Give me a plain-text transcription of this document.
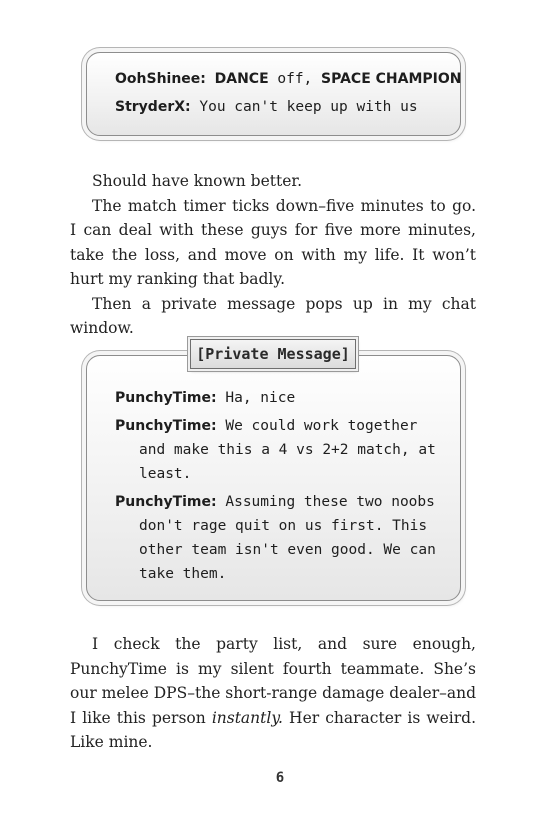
OohShinee: DANCE off, SPACE CHAMPION
StryderX: You can't keep up with us

Should have known better.

The match timer ticks down–five minutes to go. I can deal with these guys for five more minutes, take the loss, and move on with my life. It won’t hurt my ranking that badly.

Then a private message pops up in my chat window.

[Private Message]
PunchyTime: Ha, nice
PunchyTime: We could work together
and make this a 4 vs 2+2 match, at
least.
PunchyTime: Assuming these two noobs
don't rage quit on us first. This
other team isn't even good. We can
take them.

I check the party list, and sure enough, PunchyTime is my silent fourth teammate. She’s our melee DPS–the short-range damage dealer–and I like this person instantly. Her character is weird. Like mine.

6
